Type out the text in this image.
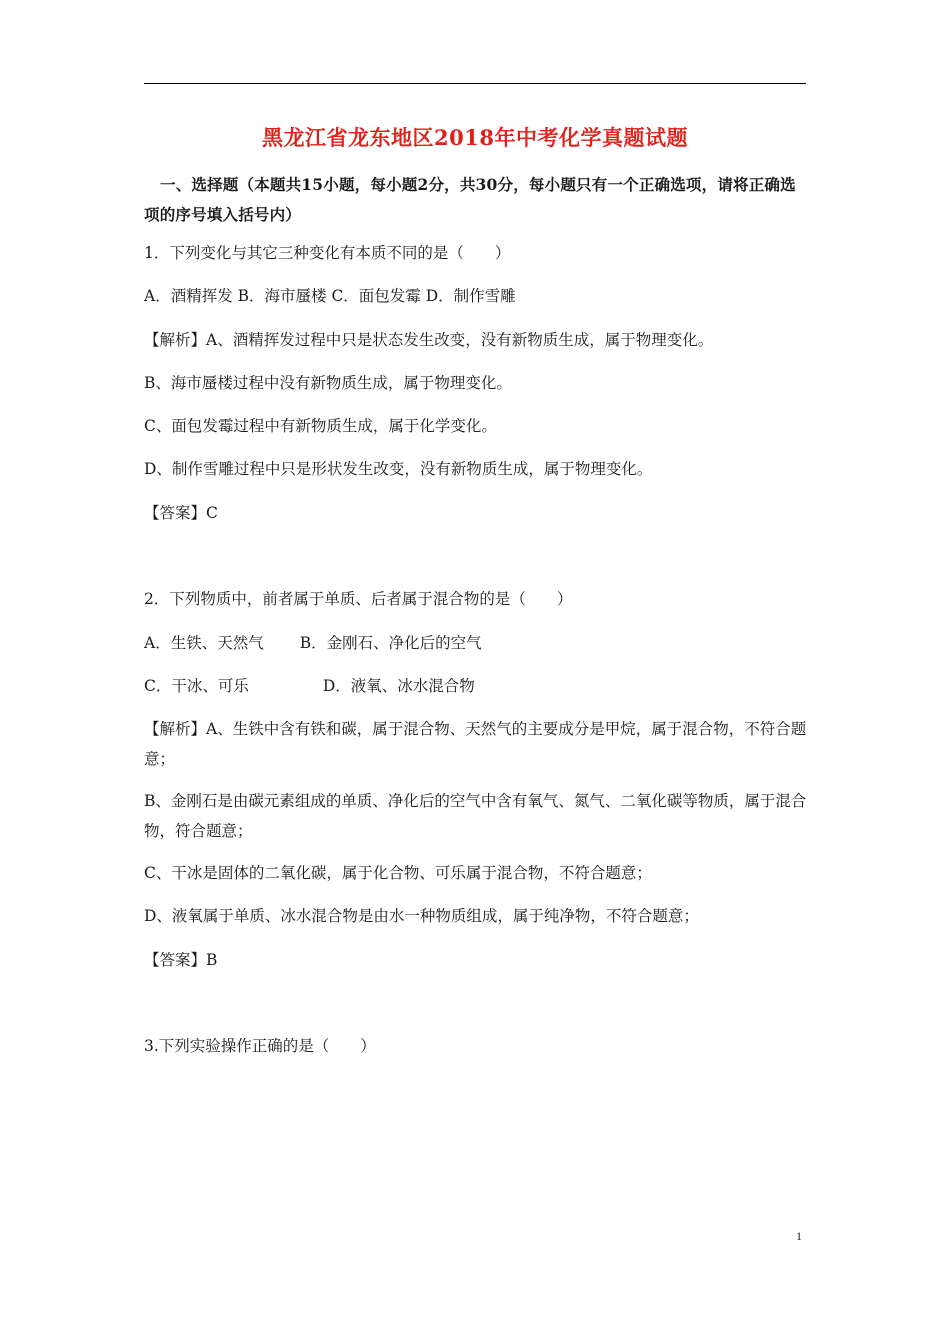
黑龙江省龙东地区2018年中考化学真题试题
一、选择题（本题共15小题，每小题2分，共30分，每小题只有一个正确选项，请将正确选项的序号填入括号内）
1．下列变化与其它三种变化有本质不同的是（　　）
A．酒精挥发 B．海市蜃楼 C．面包发霉 D．制作雪雕
【解析】A、酒精挥发过程中只是状态发生改变，没有新物质生成，属于物理变化。
B、海市蜃楼过程中没有新物质生成，属于物理变化。
C、面包发霉过程中有新物质生成，属于化学变化。
D、制作雪雕过程中只是形状发生改变，没有新物质生成，属于物理变化。
【答案】C
2．下列物质中，前者属于单质、后者属于混合物的是（　　）
A．生铁、天然气 B．金刚石、净化后的空气
C．干冰、可乐	D．液氧、冰水混合物
【解析】A、生铁中含有铁和碳，属于混合物、天然气的主要成分是甲烷，属于混合物，不符合题意；
B、金刚石是由碳元素组成的单质、净化后的空气中含有氧气、氮气、二氧化碳等物质，属于混合物，符合题意；
C、干冰是固体的二氧化碳，属于化合物、可乐属于混合物，不符合题意；
D、液氧属于单质、冰水混合物是由水一种物质组成，属于纯净物，不符合题意；
【答案】B
3.下列实验操作正确的是（　　）
1
